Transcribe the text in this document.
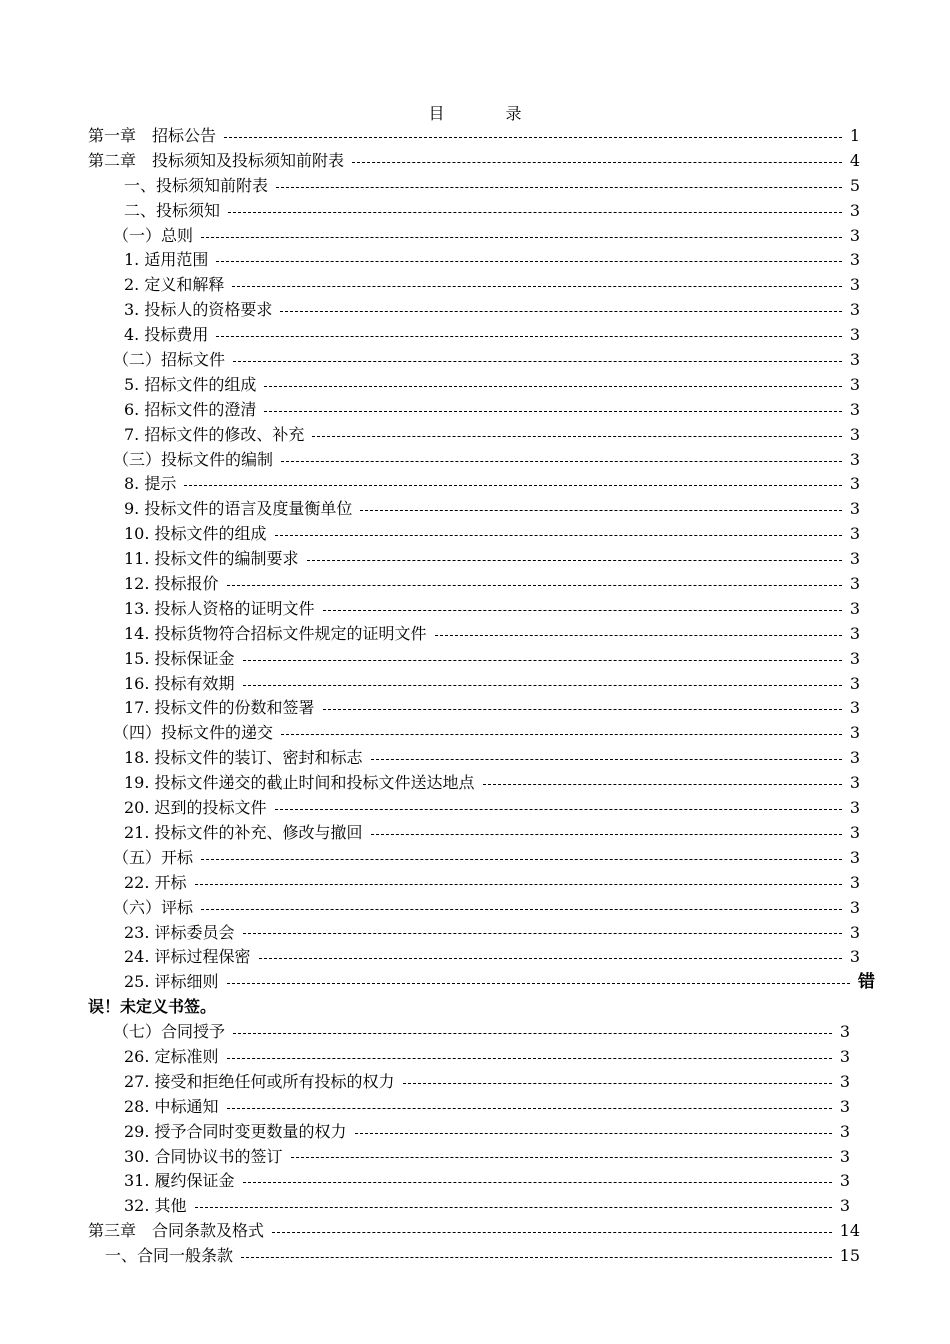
目 录
第一章　招标公告	1
第二章　投标须知及投标须知前附表	4
一、投标须知前附表	5
二、投标须知	3
（一）总则	3
1. 适用范围	3
2. 定义和解释	3
3. 投标人的资格要求	3
4. 投标费用	3
（二）招标文件	3
5. 招标文件的组成	3
6. 招标文件的澄清	3
7. 招标文件的修改、补充	3
（三）投标文件的编制	3
8. 提示	3
9. 投标文件的语言及度量衡单位	3
10. 投标文件的组成	3
11. 投标文件的编制要求	3
12. 投标报价	3
13. 投标人资格的证明文件	3
14. 投标货物符合招标文件规定的证明文件	3
15. 投标保证金	3
16. 投标有效期	3
17. 投标文件的份数和签署	3
（四）投标文件的递交	3
18. 投标文件的装订、密封和标志	3
19. 投标文件递交的截止时间和投标文件送达地点	3
20. 迟到的投标文件	3
21. 投标文件的补充、修改与撤回	3
（五）开标	3
22. 开标	3
（六）评标	3
23. 评标委员会	3
24. 评标过程保密	3
25. 评标细则	错
误！未定义书签。
（七）合同授予	3
26. 定标准则	3
27. 接受和拒绝任何或所有投标的权力	3
28. 中标通知	3
29. 授予合同时变更数量的权力	3
30. 合同协议书的签订	3
31. 履约保证金	3
32. 其他	3
第三章　合同条款及格式	14
一、合同一般条款	15
